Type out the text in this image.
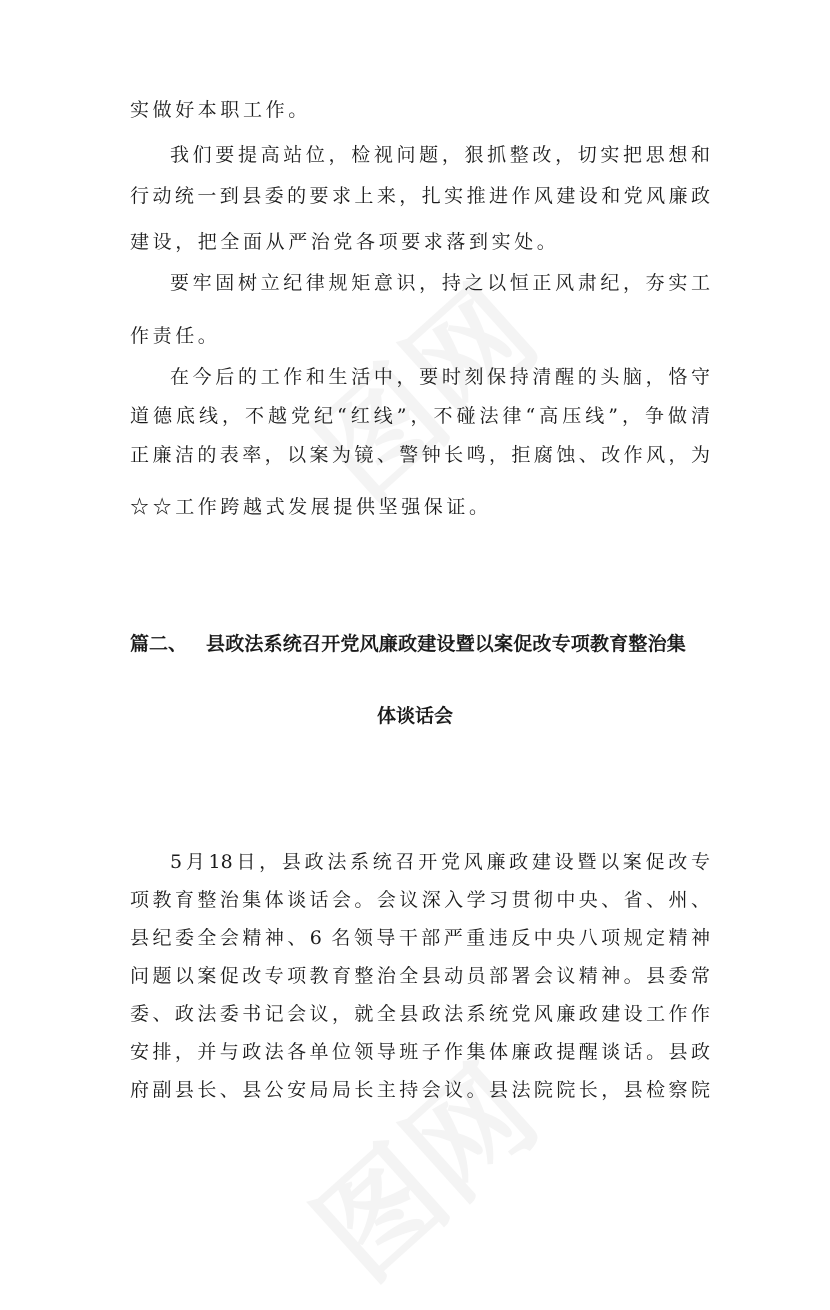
实做好本职工作。
我们要提高站位，检视问题，狠抓整改，切实把思想和
行动统一到县委的要求上来，扎实推进作风建设和党风廉政
建设，把全面从严治党各项要求落到实处。
要牢固树立纪律规矩意识，持之以恒正风肃纪，夯实工
作责任。
在今后的工作和生活中，要时刻保持清醒的头脑，恪守
道德底线，不越党纪“红线”，不碰法律“高压线”，争做清
正廉洁的表率，以案为镜、警钟长鸣，拒腐蚀、改作风，为
☆☆工作跨越式发展提供坚强保证。
篇二、 县政法系统召开党风廉政建设暨以案促改专项教育整治集
体谈话会
5月18日，县政法系统召开党风廉政建设暨以案促改专
项教育整治集体谈话会。会议深入学习贯彻中央、省、州、
县纪委全会精神、6 名领导干部严重违反中央八项规定精神
问题以案促改专项教育整治全县动员部署会议精神。县委常
委、政法委书记会议，就全县政法系统党风廉政建设工作作
安排，并与政法各单位领导班子作集体廉政提醒谈话。县政
府副县长、县公安局局长主持会议。县法院院长，县检察院
